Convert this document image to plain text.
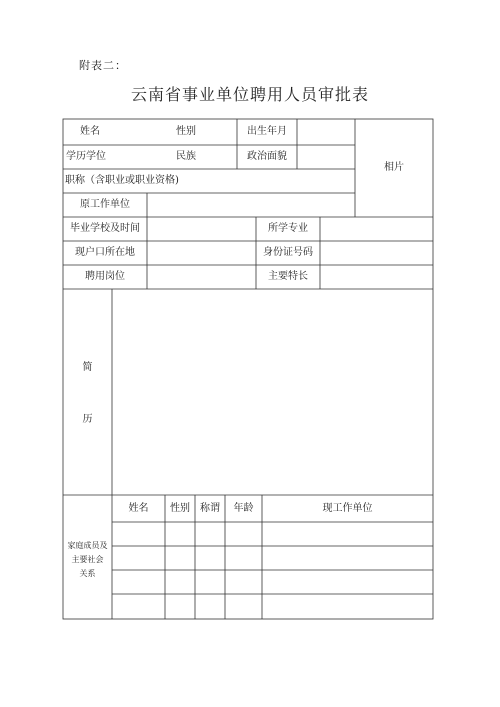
附表二：
云南省事业单位聘用人员审批表
姓名	性别	出生年月
相片
学历学位	民族	政治面貌
职称（含职业或职业资格)
原工作单位
毕业学校及时间	所学专业
现户口所在地	身份证号码
聘用岗位	主要特长
简
历
家庭成员及
主要社会
关系
姓名	性别	称谓	年龄	现工作单位
